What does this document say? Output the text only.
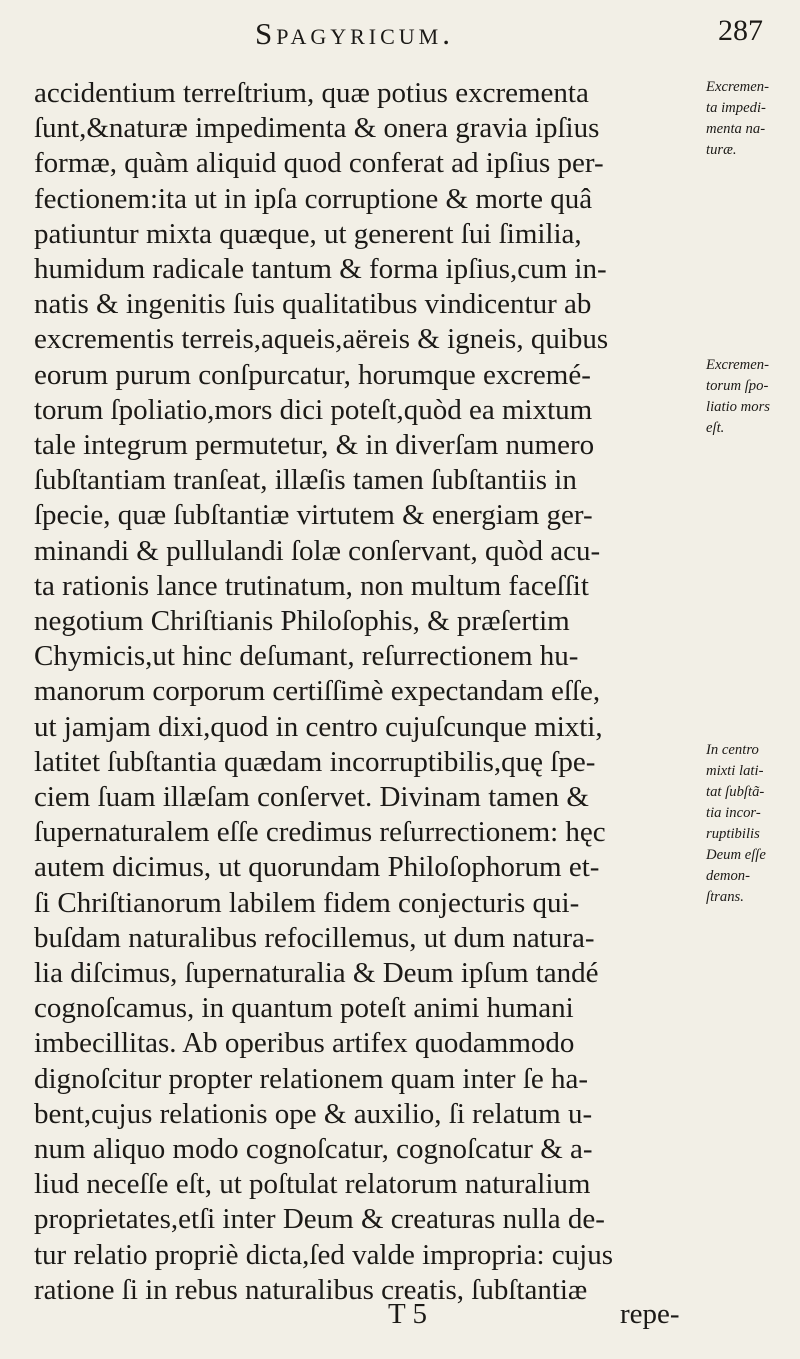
Spagyricum.	287
accidentium terreſtrium, quæ potius excrementa
ſunt,&naturæ impedimenta & onera gravia ipſius
formæ, quàm aliquid quod conferat ad ipſius per-
fectionem:ita ut in ipſa corruptione & morte quâ
patiuntur mixta quæque, ut generent ſui ſimilia,
humidum radicale tantum & forma ipſius,cum in-
natis & ingenitis ſuis qualitatibus vindicentur ab
excrementis terreis,aqueis,aëreis & igneis, quibus
eorum purum conſpurcatur, horumque excremé-
torum ſpoliatio,mors dici poteſt,quòd ea mixtum
tale integrum permutetur, & in diverſam numero
ſubſtantiam tranſeat, illæſis tamen ſubſtantiis in
ſpecie, quæ ſubſtantiæ virtutem & energiam ger-
minandi & pullulandi ſolæ conſervant, quòd acu-
ta rationis lance trutinatum, non multum faceſſit
negotium Chriſtianis Philoſophis, & præſertim
Chymicis,ut hinc deſumant, reſurrectionem hu-
manorum corporum certiſſimè expectandam eſſe,
ut jamjam dixi,quod in centro cujuſcunque mixti,
latitet ſubſtantia quædam incorruptibilis,quę ſpe-
ciem ſuam illæſam conſervet. Divinam tamen &
ſupernaturalem eſſe credimus reſurrectionem: hęc
autem dicimus, ut quorundam Philoſophorum et-
ſi Chriſtianorum labilem fidem conjecturis qui-
buſdam naturalibus refocillemus, ut dum natura-
lia diſcimus, ſupernaturalia & Deum ipſum tandé
cognoſcamus, in quantum poteſt animi humani
imbecillitas. Ab operibus artifex quodammodo
dignoſcitur propter relationem quam inter ſe ha-
bent,cujus relationis ope & auxilio, ſi relatum u-
num aliquo modo cognoſcatur, cognoſcatur & a-
liud neceſſe eſt, ut poſtulat relatorum naturalium
proprietates,etſi inter Deum & creaturas nulla de-
tur relatio propriè dicta,ſed valde impropria: cujus
ratione ſi in rebus naturalibus creatis, ſubſtantiæ
Excremen-
ta impedi-
menta na-
turæ.
Excremen-
torum ſpo-
liatio mors
eſt.
In centro
mixti lati-
tat ſubſtã-
tia incor-
ruptibilis
Deum eſſe
demon-
ſtrans.
T 5	repe-
